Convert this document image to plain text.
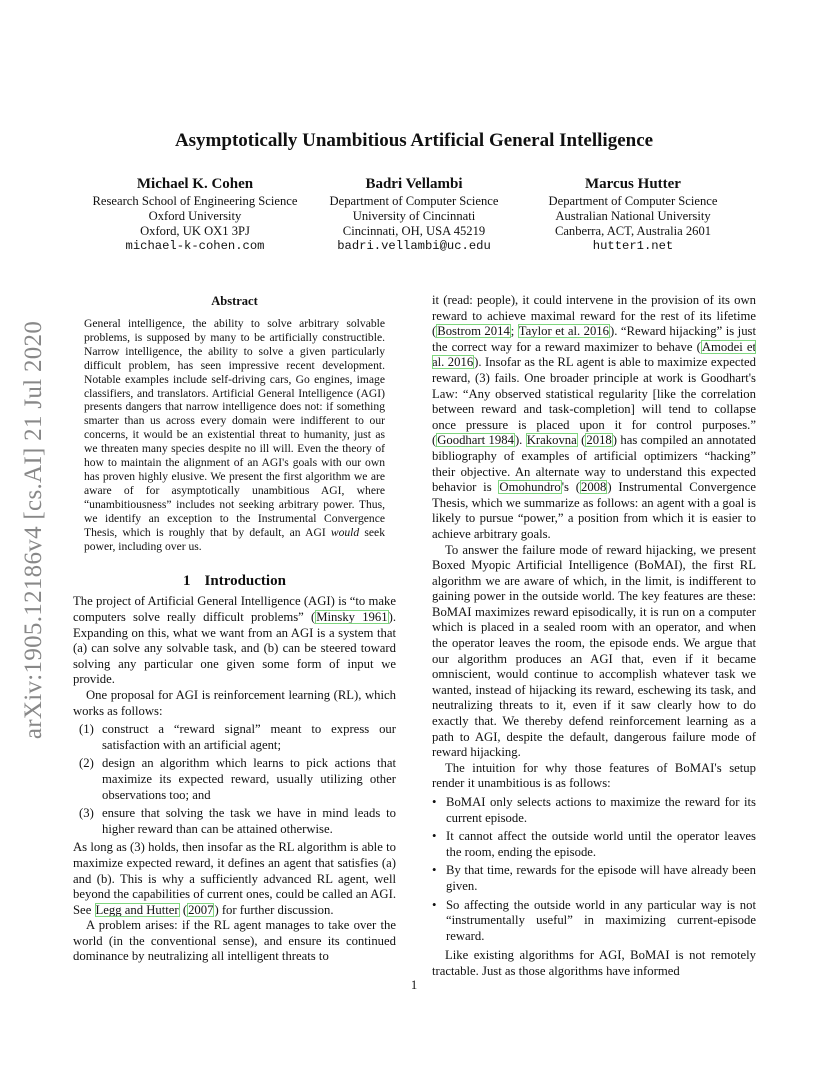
Asymptotically Unambitious Artificial General Intelligence
Michael K. Cohen
Research School of Engineering Science
Oxford University
Oxford, UK OX1 3PJ
michael-k-cohen.com
Badri Vellambi
Department of Computer Science
University of Cincinnati
Cincinnati, OH, USA 45219
badri.vellambi@uc.edu
Marcus Hutter
Department of Computer Science
Australian National University
Canberra, ACT, Australia 2601
hutter1.net
arXiv:1905.12186v4 [cs.AI] 21 Jul 2020
Abstract
General intelligence, the ability to solve arbitrary solvable problems, is supposed by many to be artificially constructible. Narrow intelligence, the ability to solve a given particularly difficult problem, has seen impressive recent development. Notable examples include self-driving cars, Go engines, image classifiers, and translators. Artificial General Intelligence (AGI) presents dangers that narrow intelligence does not: if something smarter than us across every domain were indifferent to our concerns, it would be an existential threat to humanity, just as we threaten many species despite no ill will. Even the theory of how to maintain the alignment of an AGI's goals with our own has proven highly elusive. We present the first algorithm we are aware of for asymptotically unambitious AGI, where “unambitiousness” includes not seeking arbitrary power. Thus, we identify an exception to the Instrumental Convergence Thesis, which is roughly that by default, an AGI would seek power, including over us.
1 Introduction

The project of Artificial General Intelligence (AGI) is “to make computers solve really difficult problems” (Minsky 1961). Expanding on this, what we want from an AGI is a system that (a) can solve any solvable task, and (b) can be steered toward solving any particular one given some form of input we provide.

One proposal for AGI is reinforcement learning (RL), which works as follows:

(1) construct a “reward signal” meant to express our satisfaction with an artificial agent;
(2) design an algorithm which learns to pick actions that maximize its expected reward, usually utilizing other observations too; and
(3) ensure that solving the task we have in mind leads to higher reward than can be attained otherwise.

As long as (3) holds, then insofar as the RL algorithm is able to maximize expected reward, it defines an agent that satisfies (a) and (b). This is why a sufficiently advanced RL agent, well beyond the capabilities of current ones, could be called an AGI. See Legg and Hutter (2007) for further discussion.

A problem arises: if the RL agent manages to take over the world (in the conventional sense), and ensure its continued dominance by neutralizing all intelligent threats to

it (read: people), it could intervene in the provision of its own reward to achieve maximal reward for the rest of its lifetime (Bostrom 2014; Taylor et al. 2016). “Reward hijacking” is just the correct way for a reward maximizer to behave (Amodei et al. 2016). Insofar as the RL agent is able to maximize expected reward, (3) fails. One broader principle at work is Goodhart's Law: “Any observed statistical regularity [like the correlation between reward and task-completion] will tend to collapse once pressure is placed upon it for control purposes.” (Goodhart 1984). Krakovna (2018) has compiled an annotated bibliography of examples of artificial optimizers “hacking” their objective. An alternate way to understand this expected behavior is Omohundro's (2008) Instrumental Convergence Thesis, which we summarize as follows: an agent with a goal is likely to pursue “power,” a position from which it is easier to achieve arbitrary goals.

To answer the failure mode of reward hijacking, we present Boxed Myopic Artificial Intelligence (BoMAI), the first RL algorithm we are aware of which, in the limit, is indifferent to gaining power in the outside world. The key features are these: BoMAI maximizes reward episodically, it is run on a computer which is placed in a sealed room with an operator, and when the operator leaves the room, the episode ends. We argue that our algorithm produces an AGI that, even if it became omniscient, would continue to accomplish whatever task we wanted, instead of hijacking its reward, eschewing its task, and neutralizing threats to it, even if it saw clearly how to do exactly that. We thereby defend reinforcement learning as a path to AGI, despite the default, dangerous failure mode of reward hijacking.

The intuition for why those features of BoMAI's setup render it unambitious is as follows:

• BoMAI only selects actions to maximize the reward for its current episode.
• It cannot affect the outside world until the operator leaves the room, ending the episode.
• By that time, rewards for the episode will have already been given.
• So affecting the outside world in any particular way is not “instrumentally useful” in maximizing current-episode reward.

Like existing algorithms for AGI, BoMAI is not remotely tractable. Just as those algorithms have informed

1
